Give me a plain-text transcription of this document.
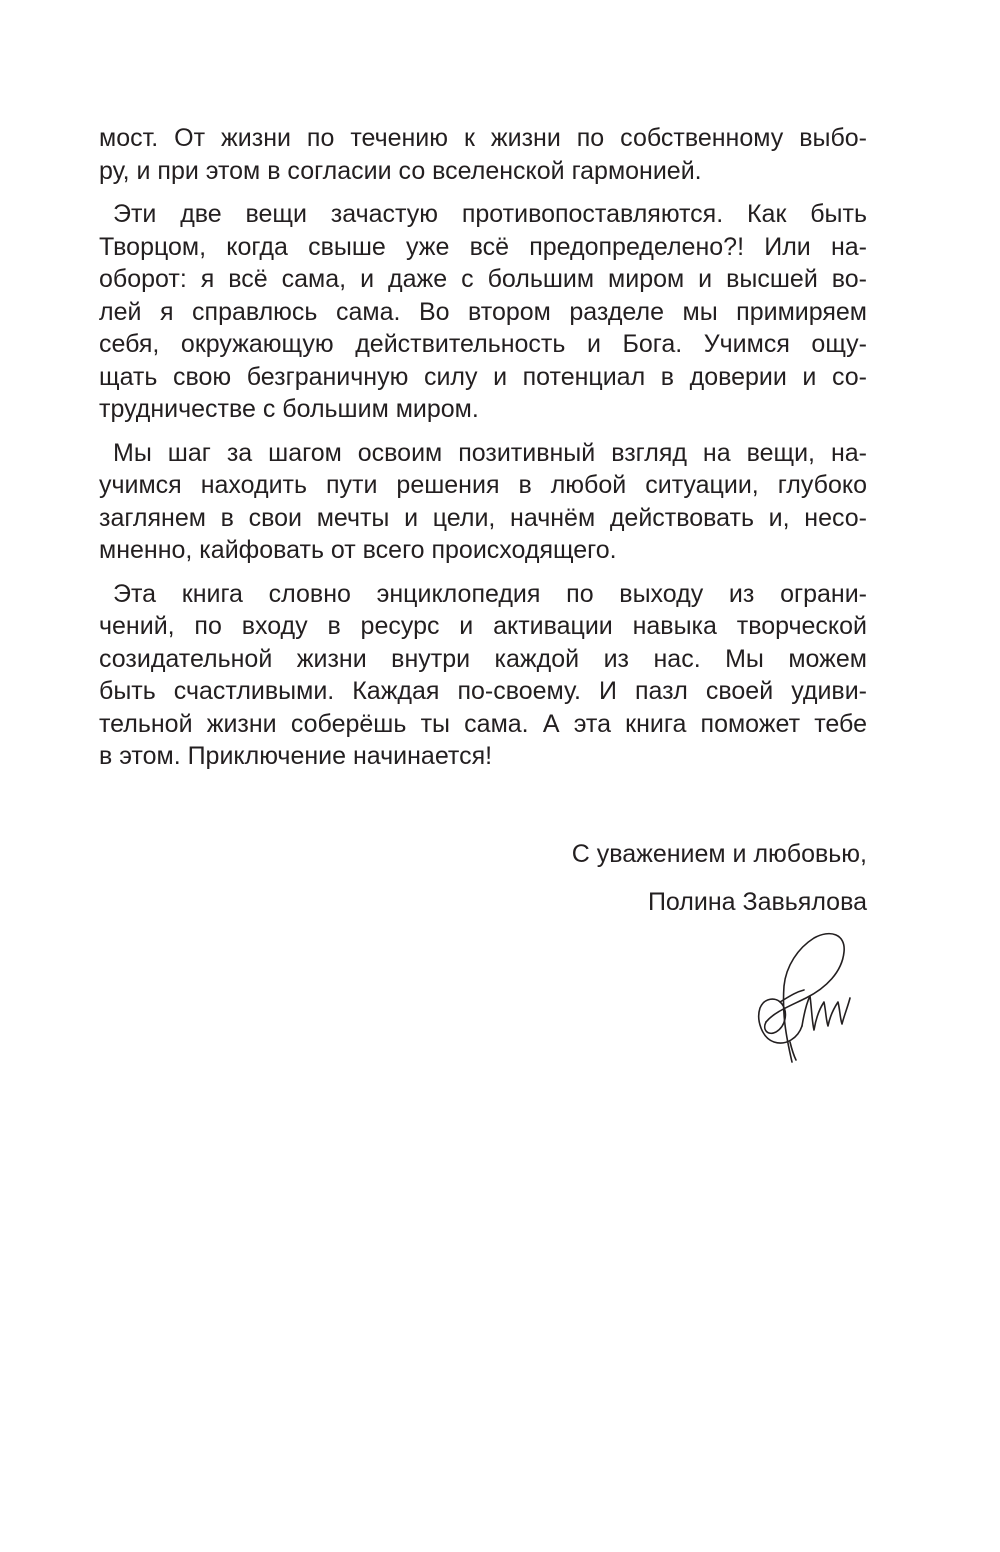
мост. От жизни по течению к жизни по собственному выбо-
ру, и при этом в согласии со вселенской гармонией.
Эти две вещи зачастую противопоставляются. Как быть
Творцом, когда свыше уже всё предопределено?! Или на-
оборот: я всё сама, и даже с большим миром и высшей во-
лей я справлюсь сама. Во втором разделе мы примиряем
себя, окружающую действительность и Бога. Учимся ощу-
щать свою безграничную силу и потенциал в доверии и со-
трудничестве с большим миром.
Мы шаг за шагом освоим позитивный взгляд на вещи, на-
учимся находить пути решения в любой ситуации, глубоко
заглянем в свои мечты и цели, начнём действовать и, несо-
мненно, кайфовать от всего происходящего.
Эта книга словно энциклопедия по выходу из ограни-
чений, по входу в ресурс и активации навыка творческой
созидательной жизни внутри каждой из нас. Мы можем
быть счастливыми. Каждая по-своему. И пазл своей удиви-
тельной жизни соберёшь ты сама. А эта книга поможет тебе
в этом. Приключение начинается!
С уважением и любовью,
Полина Завьялова
